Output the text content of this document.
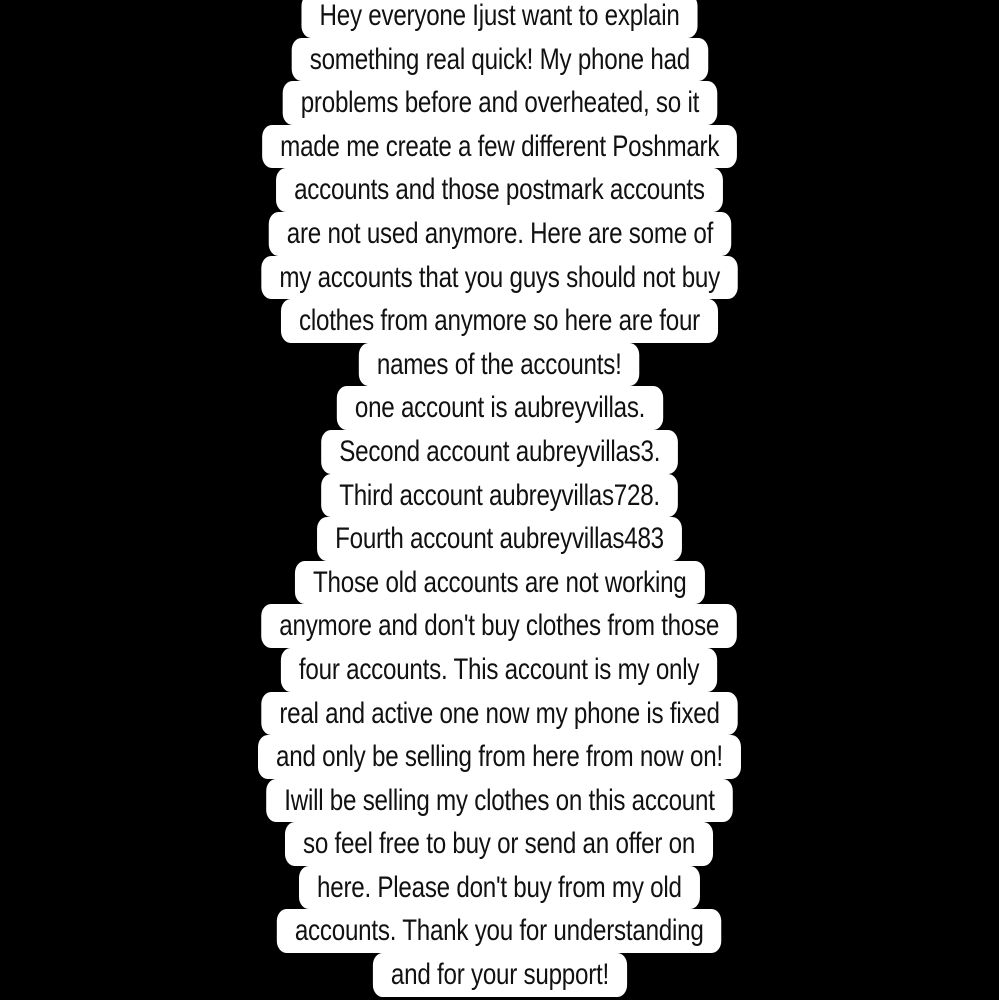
Hey everyone Ijust want to explain
something real quick! My phone had
problems before and overheated, so it
made me create a few different Poshmark
accounts and those postmark accounts
are not used anymore. Here are some of
my accounts that you guys should not buy
clothes from anymore so here are four
names of the accounts!
one account is aubreyvillas.
Second account aubreyvillas3.
Third account aubreyvillas728.
Fourth account aubreyvillas483
Those old accounts are not working
anymore and don't buy clothes from those
four accounts. This account is my only
real and active one now my phone is fixed
and only be selling from here from now on!
Iwill be selling my clothes on this account
so feel free to buy or send an offer on
here. Please don't buy from my old
accounts. Thank you for understanding
and for your support!
